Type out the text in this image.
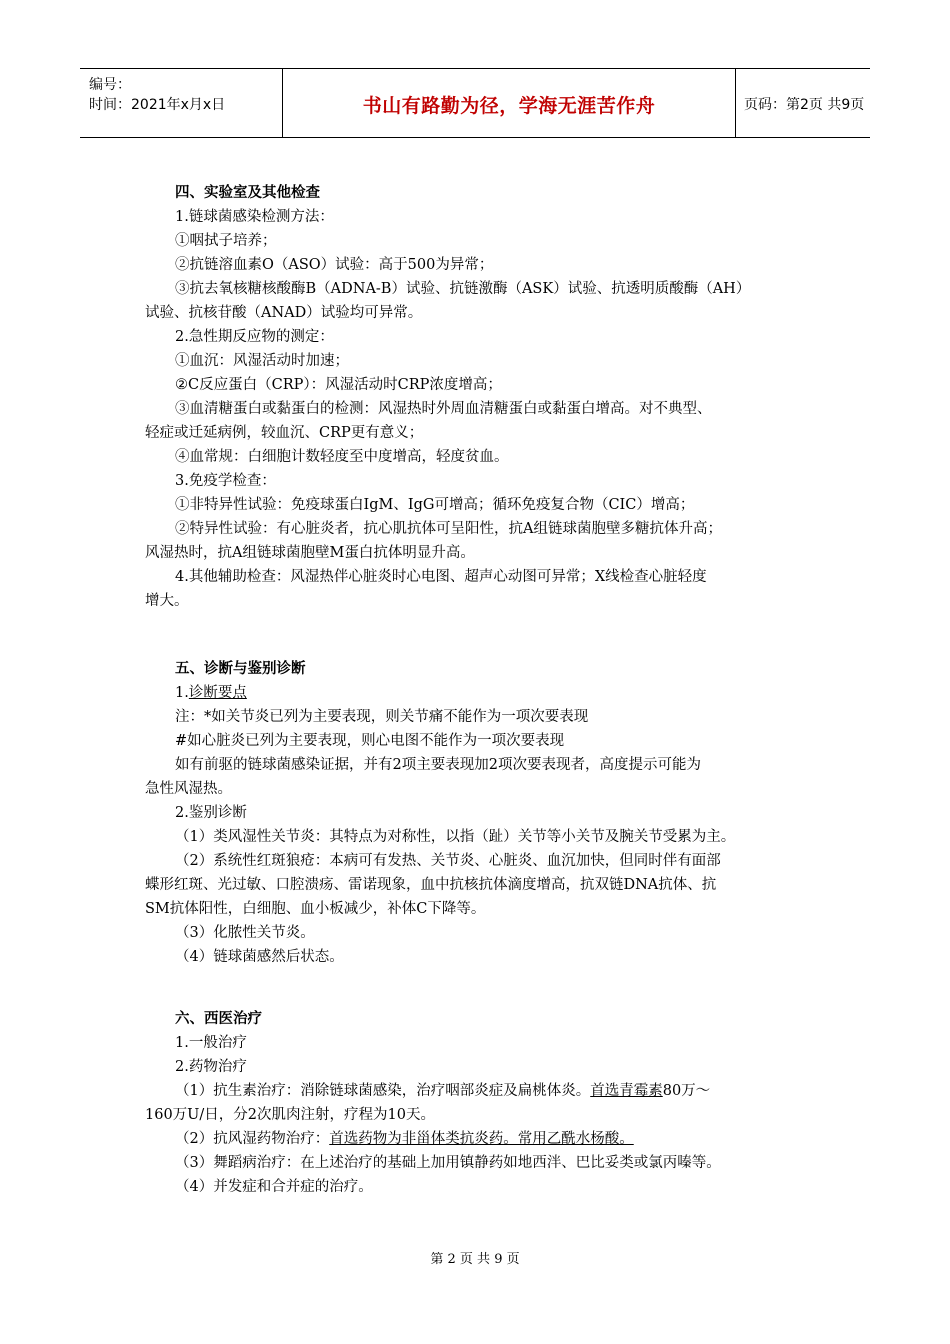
编号：
时间：2021年x月x日	书山有路勤为径，学海无涯苦作舟	页码：第2页 共9页
四、实验室及其他检查
1.链球菌感染检测方法：
①咽拭子培养；
②抗链溶血素O（ASO）试验：高于500为异常；
③抗去氧核糖核酸酶B（ADNA-B）试验、抗链激酶（ASK）试验、抗透明质酸酶（AH）
试验、抗核苷酸（ANAD）试验均可异常。
2.急性期反应物的测定：
①血沉：风湿活动时加速；
②C反应蛋白（CRP）：风湿活动时CRP浓度增高；
③血清糖蛋白或黏蛋白的检测：风湿热时外周血清糖蛋白或黏蛋白增高。对不典型、
轻症或迁延病例，较血沉、CRP更有意义；
④血常规：白细胞计数轻度至中度增高，轻度贫血。
3.免疫学检查：
①非特异性试验：免疫球蛋白IgM、IgG可增高；循环免疫复合物（CIC）增高；
②特异性试验：有心脏炎者，抗心肌抗体可呈阳性，抗A组链球菌胞壁多糖抗体升高；
风湿热时，抗A组链球菌胞壁M蛋白抗体明显升高。
4.其他辅助检查：风湿热伴心脏炎时心电图、超声心动图可异常；X线检查心脏轻度
增大。
五、诊断与鉴别诊断
1.诊断要点
注：*如关节炎已列为主要表现，则关节痛不能作为一项次要表现
#如心脏炎已列为主要表现，则心电图不能作为一项次要表现
如有前驱的链球菌感染证据，并有2项主要表现加2项次要表现者，高度提示可能为
急性风湿热。
2.鉴别诊断
（1）类风湿性关节炎：其特点为对称性，以指（趾）关节等小关节及腕关节受累为主。
（2）系统性红斑狼疮：本病可有发热、关节炎、心脏炎、血沉加快，但同时伴有面部
蝶形红斑、光过敏、口腔溃疡、雷诺现象，血中抗核抗体滴度增高，抗双链DNA抗体、抗
SM抗体阳性，白细胞、血小板减少，补体C下降等。
（3）化脓性关节炎。
（4）链球菌感然后状态。
六、西医治疗
1.一般治疗
2.药物治疗
（1）抗生素治疗：消除链球菌感染，治疗咽部炎症及扁桃体炎。首选青霉素80万～
160万U/日，分2次肌肉注射，疗程为10天。
（2）抗风湿药物治疗：首选药物为非甾体类抗炎药。常用乙酰水杨酸。
（3）舞蹈病治疗：在上述治疗的基础上加用镇静药如地西泮、巴比妥类或氯丙嗪等。
（4）并发症和合并症的治疗。
第 2 页 共 9 页
